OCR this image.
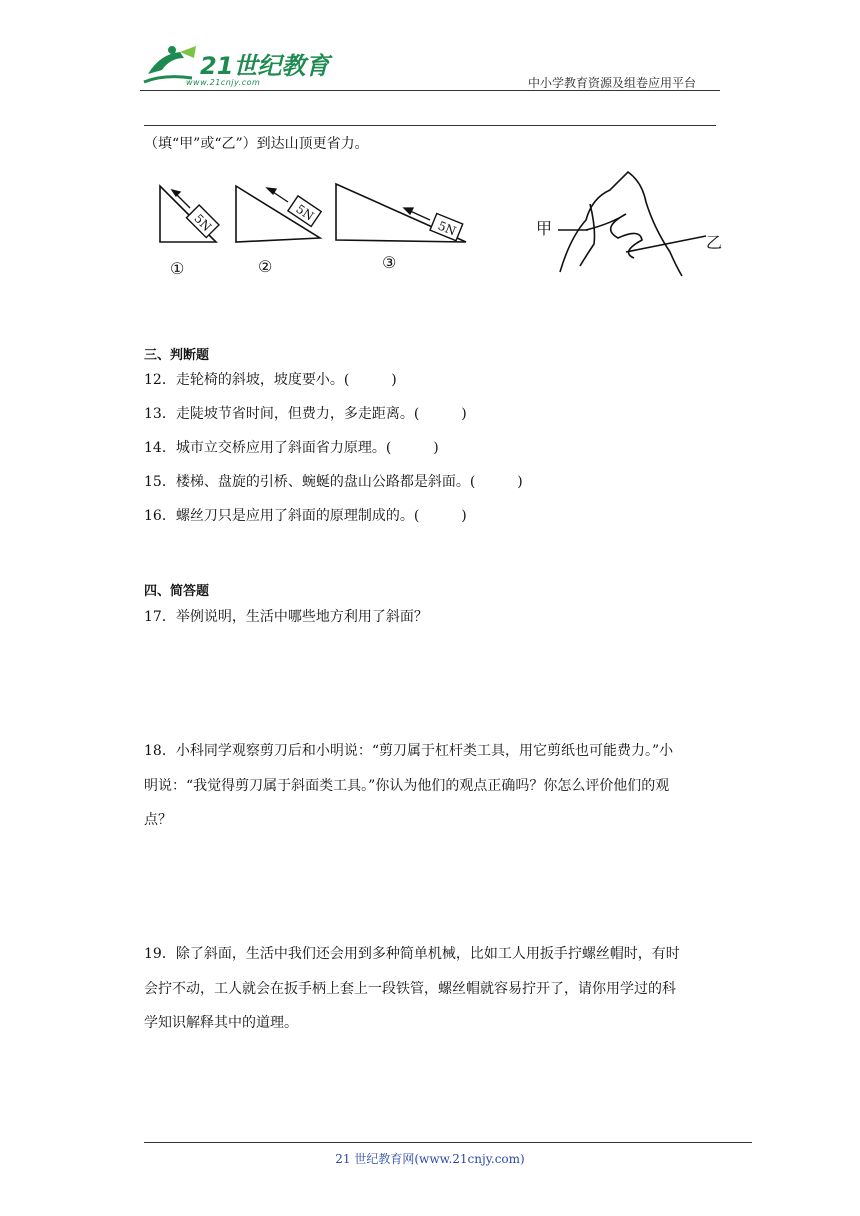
21世纪教育
www.21cnjy.com	中小学教育资源及组卷应用平台
（填“甲”或“乙”）到达山顶更省力。
5N	5N
5N
①	②	③
甲
乙
三、判断题
12．走轮椅的斜坡，坡度要小。(　　　)
13．走陡坡节省时间，但费力，多走距离。(　　　)
14．城市立交桥应用了斜面省力原理。(　　　)
15．楼梯、盘旋的引桥、蜿蜒的盘山公路都是斜面。(　　　)
16．螺丝刀只是应用了斜面的原理制成的。(　　　)
四、简答题
17．举例说明，生活中哪些地方利用了斜面？
18．小科同学观察剪刀后和小明说：“剪刀属于杠杆类工具，用它剪纸也可能费力。”小
明说：“我觉得剪刀属于斜面类工具。”你认为他们的观点正确吗？你怎么评价他们的观
点？
19．除了斜面，生活中我们还会用到多种简单机械，比如工人用扳手拧螺丝帽时，有时
会拧不动，工人就会在扳手柄上套上一段铁管，螺丝帽就容易拧开了，请你用学过的科
学知识解释其中的道理。
21 世纪教育网(www.21cnjy.com)
